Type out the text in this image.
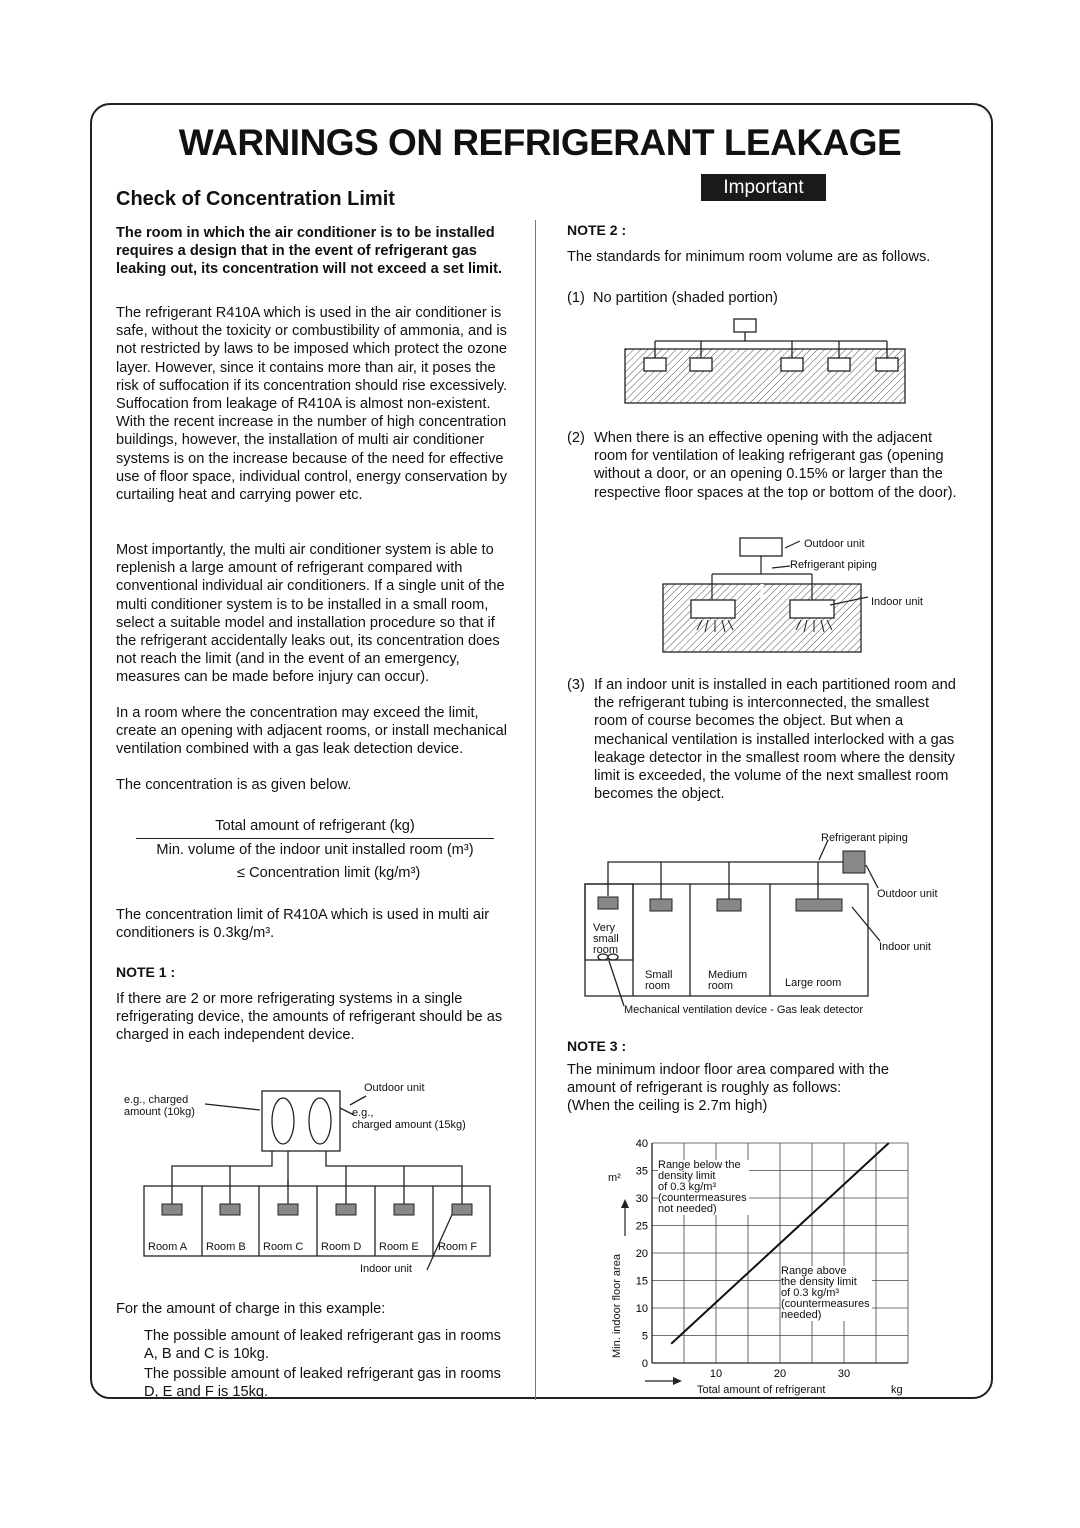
WARNINGS ON REFRIGERANT LEAKAGE
Check of Concentration Limit
Important
The room in which the air conditioner is to be installed requires a design that in the event of refrigerant gas leaking out, its concentration will not exceed a set limit.
The refrigerant R410A which is used in the air conditioner is safe, without the toxicity or combustibility of ammonia, and is not restricted by laws to be imposed which protect the ozone layer. However, since it contains more than air, it poses the risk of suffocation if its concentration should rise excessively. Suffocation from leakage of R410A is almost non-existent. With the recent increase in the number of high concentration buildings, however, the installation of multi air conditioner systems is on the increase because of the need for effective use of floor space, individual control, energy conservation by curtailing heat and carrying power etc.
Most importantly, the multi air conditioner system is able to replenish a large amount of refrigerant compared with conventional individual air conditioners. If a single unit of the multi conditioner system is to be installed in a small room, select a suitable model and installation procedure so that if the refrigerant accidentally leaks out, its concentration does not reach the limit (and in the event of an emergency, measures can be made before injury can occur).
In a room where the concentration may exceed the limit, create an opening with adjacent rooms, or install mechanical ventilation combined with a gas leak detection device.
The concentration is as given below.
Total amount of refrigerant (kg)
Min. volume of the indoor unit installed room (m³)
≤ Concentration limit (kg/m³)
The concentration limit of R410A which is used in multi air conditioners is 0.3kg/m³.
NOTE 1 :
If there are 2 or more refrigerating systems in a single refrigerating device, the amounts of refrigerant should be as charged in each independent device.
Outdoor unit
e.g., charged
amount (10kg)	e.g.,
charged amount (15kg)
Room A Room B Room C Room D Room E Room F
Indoor unit
For the amount of charge in this example:
The possible amount of leaked refrigerant gas in rooms A, B and C is 10kg.
The possible amount of leaked refrigerant gas in rooms D, E and F is 15kg.
NOTE 2 :
The standards for minimum room volume are as follows.
(1)  No partition (shaded portion)
(2) When there is an effective opening with the adjacent room for ventilation of leaking refrigerant gas (opening without a door, or an opening 0.15% or larger than the respective floor spaces at the top or bottom of the door).
Outdoor unit
Refrigerant piping
Indoor unit
(3) If an indoor unit is installed in each partitioned room and the refrigerant tubing is interconnected, the smallest room of course becomes the object. But when a mechanical ventilation is installed interlocked with a gas leakage detector in the smallest room where the density limit is exceeded, the volume of the next smallest room becomes the object.
Refrigerant piping
Outdoor unit
Indoor unit
Very
small
room
Small
room
Medium
room	Large room
Mechanical ventilation device - Gas leak detector
NOTE 3 :
The minimum indoor floor area compared with the amount of refrigerant is roughly as follows:
(When the ceiling is 2.7m high)
0
5
10
15
20
25
30
35
40
10	20	30
m²
Min. indoor floor area
Total amount of refrigerant	kg
Range below the
density limit
of 0.3 kg/m³
(countermeasures
not needed)
Range above
the density limit
of 0.3 kg/m³
(countermeasures
needed)
